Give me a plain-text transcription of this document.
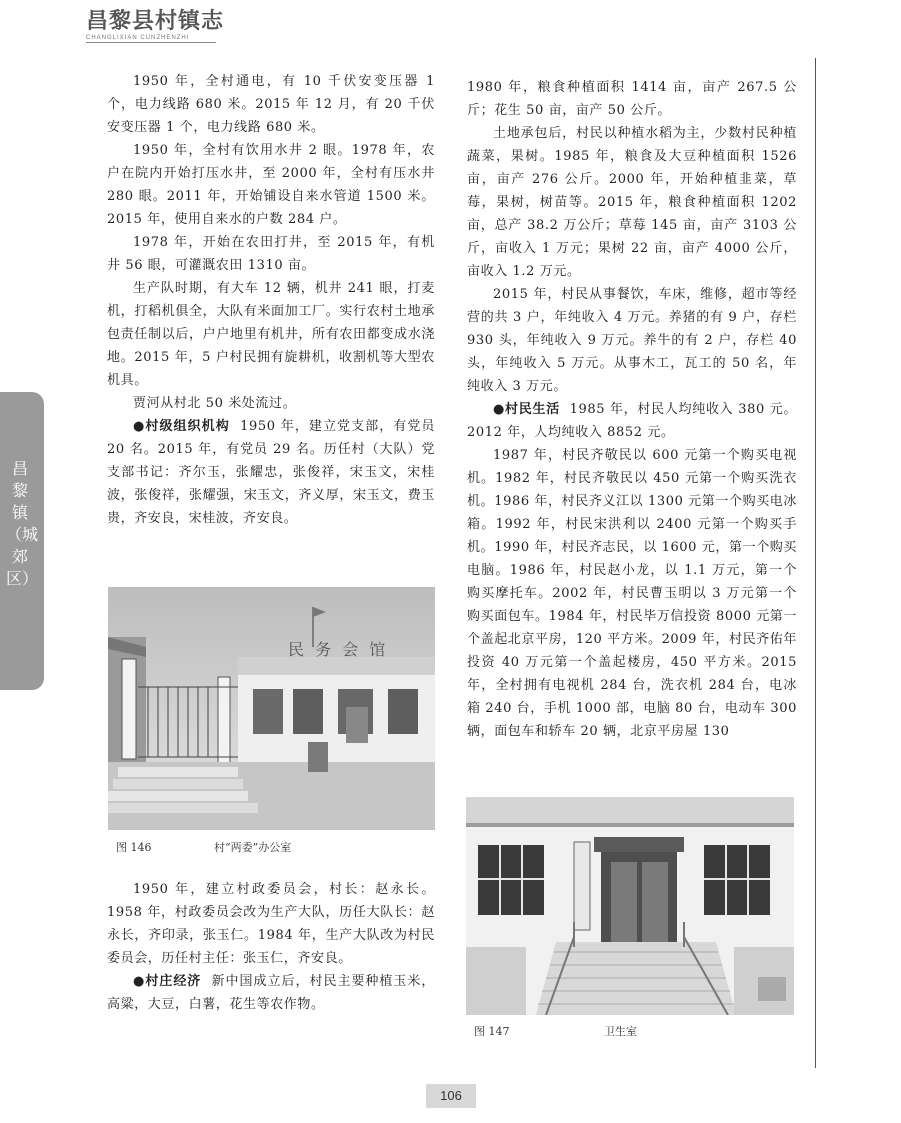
昌黎县村镇志
CHANGLIXIAN CUNZHENZHI
昌黎镇（城郊区）

1950 年，全村通电，有 10 千伏安变压器 1 个，电力线路 680 米。2015 年 12 月，有 20 千伏安变压器 1 个，电力线路 680 米。

1950 年，全村有饮用水井 2 眼。1978 年，农户在院内开始打压水井，至 2000 年，全村有压水井 280 眼。2011 年，开始铺设自来水管道 1500 米。2015 年，使用自来水的户数 284 户。

1978 年，开始在农田打井，至 2015 年，有机井 56 眼，可灌溉农田 1310 亩。

生产队时期，有大车 12 辆，机井 241 眼，打麦机，打稻机俱全，大队有米面加工厂。实行农村土地承包责任制以后，户户地里有机井，所有农田都变成水浇地。2015 年，5 户村民拥有旋耕机，收割机等大型农机具。

贾河从村北 50 米处流过。

●村级组织机构 1950 年，建立党支部，有党员 20 名。2015 年，有党员 29 名。历任村（大队）党支部书记：齐尔玉，张耀忠，张俊祥，宋玉文，宋桂波，张俊祥，张耀强，宋玉文，齐义厚，宋玉文，费玉贵，齐安良，宋桂波，齐安良。

民 务 会 馆
图 146	村“两委”办公室

1950 年，建立村政委员会，村长：赵永长。1958 年，村政委员会改为生产大队，历任大队长：赵永长，齐印录，张玉仁。1984 年，生产大队改为村民委员会，历任村主任：张玉仁，齐安良。

●村庄经济 新中国成立后，村民主要种植玉米，高粱，大豆，白薯，花生等农作物。

1980 年，粮食种植面积 1414 亩，亩产 267.5 公斤；花生 50 亩，亩产 50 公斤。

土地承包后，村民以种植水稻为主，少数村民种植蔬菜，果树。1985 年，粮食及大豆种植面积 1526 亩，亩产 276 公斤。2000 年，开始种植韭菜，草莓，果树，树苗等。2015 年，粮食种植面积 1202 亩，总产 38.2 万公斤；草莓 145 亩，亩产 3103 公斤，亩收入 1 万元；果树 22 亩，亩产 4000 公斤，亩收入 1.2 万元。

2015 年，村民从事餐饮，车床，维修，超市等经营的共 3 户，年纯收入 4 万元。养猪的有 9 户，存栏 930 头，年纯收入 9 万元。养牛的有 2 户，存栏 40 头，年纯收入 5 万元。从事木工，瓦工的 50 名，年纯收入 3 万元。

●村民生活 1985 年，村民人均纯收入 380 元。2012 年，人均纯收入 8852 元。

1987 年，村民齐敬民以 600 元第一个购买电视机。1982 年，村民齐敬民以 450 元第一个购买洗衣机。1986 年，村民齐义江以 1300 元第一个购买电冰箱。1992 年，村民宋洪利以 2400 元第一个购买手机。1990 年，村民齐志民，以 1600 元，第一个购买电脑。1986 年，村民赵小龙，以 1.1 万元，第一个购买摩托车。2002 年，村民曹玉明以 3 万元第一个购买面包车。1984 年，村民毕万信投资 8000 元第一个盖起北京平房，120 平方米。2009 年，村民齐佑年投资 40 万元第一个盖起楼房，450 平方米。2015 年，全村拥有电视机 284 台，洗衣机 284 台，电冰箱 240 台，手机 1000 部，电脑 80 台，电动车 300 辆，面包车和轿车 20 辆，北京平房屋 130

图 147	卫生室
106
